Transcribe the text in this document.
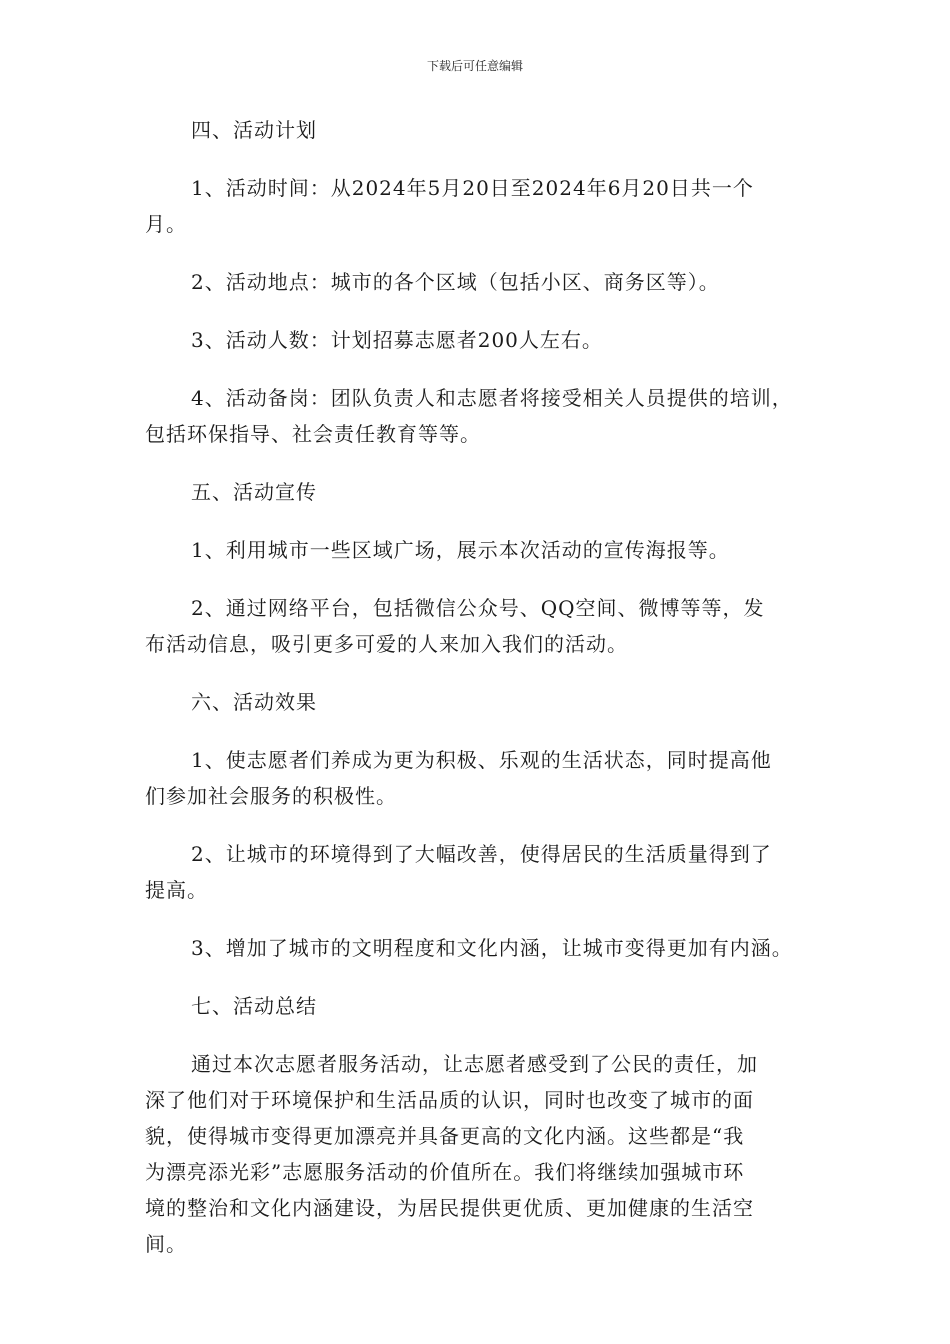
下载后可任意编辑
四、活动计划
1、活动时间：从2024年5月20日至2024年6月20日共一个
月。
2、活动地点：城市的各个区域（包括小区、商务区等）。
3、活动人数：计划招募志愿者200人左右。
4、活动备岗：团队负责人和志愿者将接受相关人员提供的培训，
包括环保指导、社会责任教育等等。
五、活动宣传
1、利用城市一些区域广场，展示本次活动的宣传海报等。
2、通过网络平台，包括微信公众号、QQ空间、微博等等，发
布活动信息，吸引更多可爱的人来加入我们的活动。
六、活动效果
1、使志愿者们养成为更为积极、乐观的生活状态，同时提高他
们参加社会服务的积极性。
2、让城市的环境得到了大幅改善，使得居民的生活质量得到了
提高。
3、增加了城市的文明程度和文化内涵，让城市变得更加有内涵。
七、活动总结
通过本次志愿者服务活动，让志愿者感受到了公民的责任，加
深了他们对于环境保护和生活品质的认识，同时也改变了城市的面
貌，使得城市变得更加漂亮并具备更高的文化内涵。这些都是“我
为漂亮添光彩”志愿服务活动的价值所在。我们将继续加强城市环
境的整治和文化内涵建设，为居民提供更优质、更加健康的生活空
间。
